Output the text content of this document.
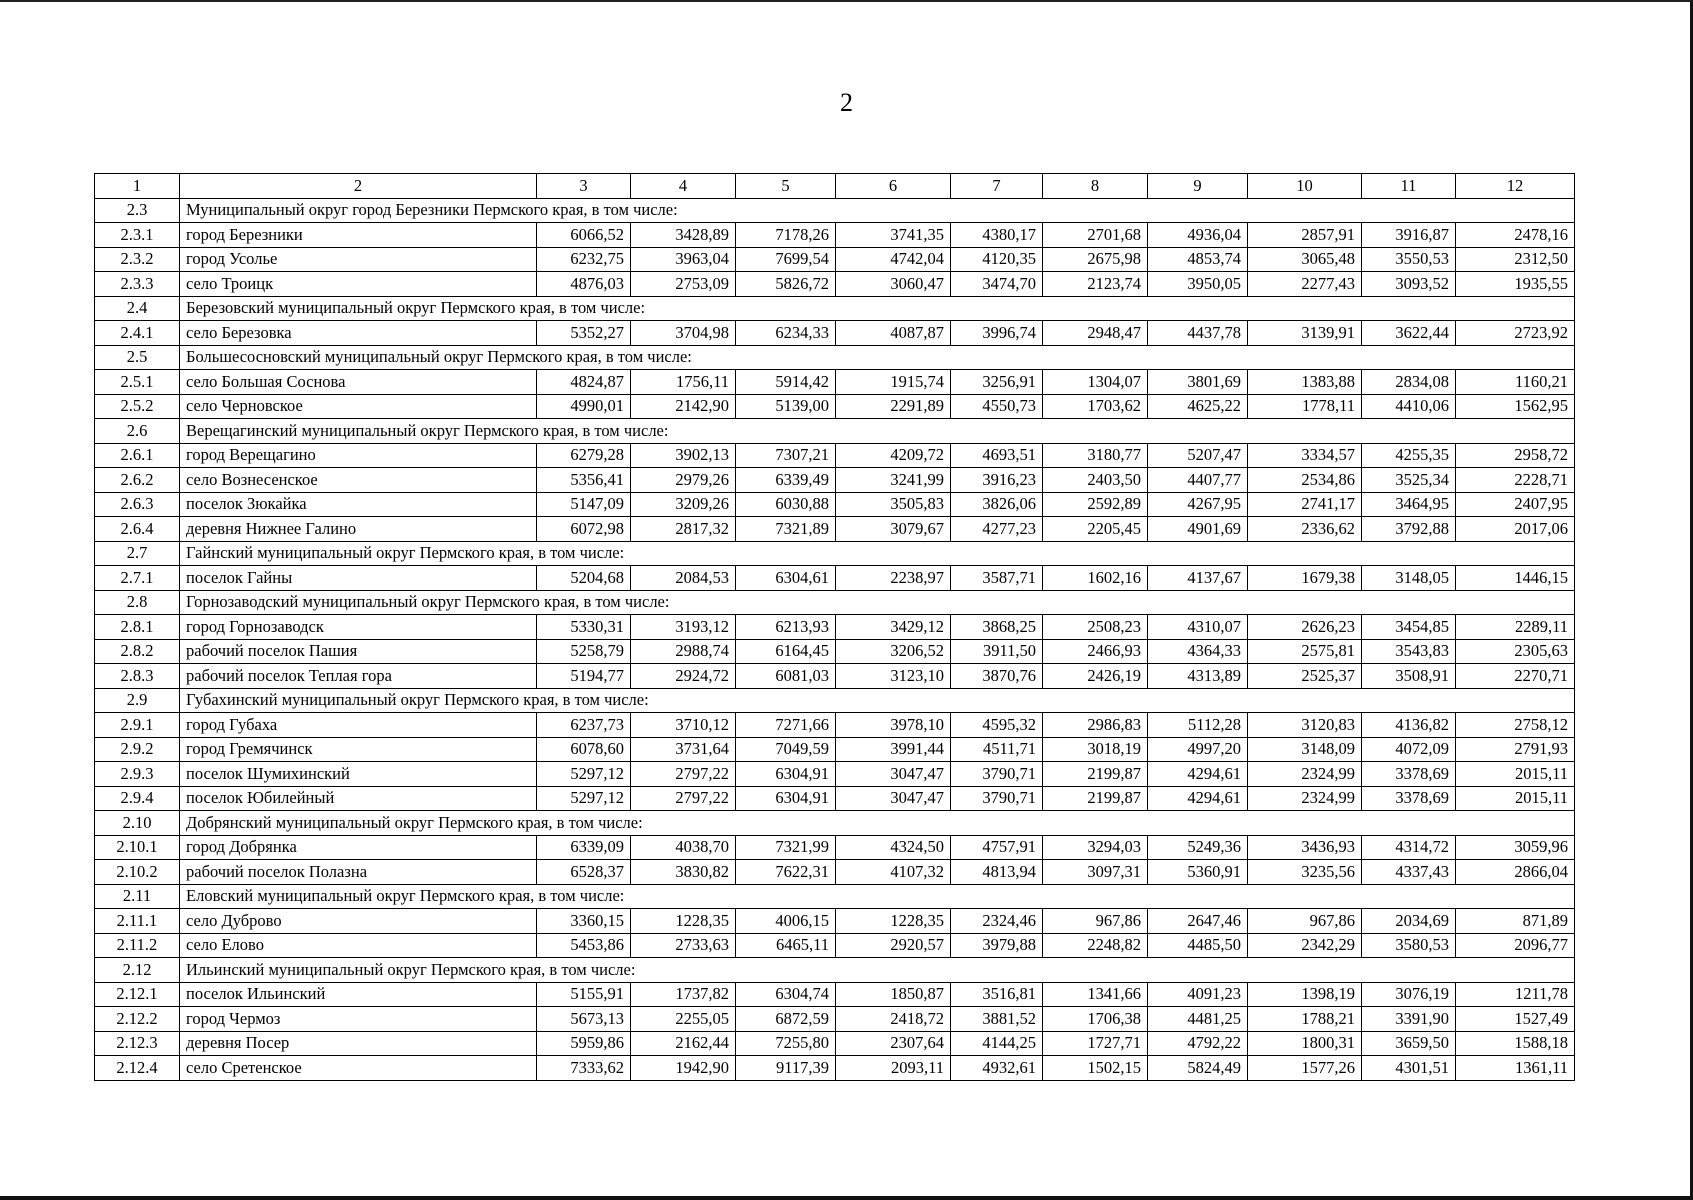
2
1	2	3	4	5	6	7	8	9	10	11	12
2.3	Муниципальный округ город Березники Пермского края, в том числе:										
2.3.1	город Березники	6066,52	3428,89	7178,26	3741,35	4380,17	2701,68	4936,04	2857,91	3916,87	2478,16
2.3.2	город Усолье	6232,75	3963,04	7699,54	4742,04	4120,35	2675,98	4853,74	3065,48	3550,53	2312,50
2.3.3	село Троицк	4876,03	2753,09	5826,72	3060,47	3474,70	2123,74	3950,05	2277,43	3093,52	1935,55
2.4	Березовский муниципальный округ Пермского края, в том числе:										
2.4.1	село Березовка	5352,27	3704,98	6234,33	4087,87	3996,74	2948,47	4437,78	3139,91	3622,44	2723,92
2.5	Большесосновский муниципальный округ Пермского края, в том числе:										
2.5.1	село Большая Соснова	4824,87	1756,11	5914,42	1915,74	3256,91	1304,07	3801,69	1383,88	2834,08	1160,21
2.5.2	село Черновское	4990,01	2142,90	5139,00	2291,89	4550,73	1703,62	4625,22	1778,11	4410,06	1562,95
2.6	Верещагинский муниципальный округ Пермского края, в том числе:										
2.6.1	город Верещагино	6279,28	3902,13	7307,21	4209,72	4693,51	3180,77	5207,47	3334,57	4255,35	2958,72
2.6.2	село Вознесенское	5356,41	2979,26	6339,49	3241,99	3916,23	2403,50	4407,77	2534,86	3525,34	2228,71
2.6.3	поселок Зюкайка	5147,09	3209,26	6030,88	3505,83	3826,06	2592,89	4267,95	2741,17	3464,95	2407,95
2.6.4	деревня Нижнее Галино	6072,98	2817,32	7321,89	3079,67	4277,23	2205,45	4901,69	2336,62	3792,88	2017,06
2.7	Гайнский муниципальный округ Пермского края, в том числе:										
2.7.1	поселок Гайны	5204,68	2084,53	6304,61	2238,97	3587,71	1602,16	4137,67	1679,38	3148,05	1446,15
2.8	Горнозаводский муниципальный округ Пермского края, в том числе:										
2.8.1	город Горнозаводск	5330,31	3193,12	6213,93	3429,12	3868,25	2508,23	4310,07	2626,23	3454,85	2289,11
2.8.2	рабочий поселок Пашия	5258,79	2988,74	6164,45	3206,52	3911,50	2466,93	4364,33	2575,81	3543,83	2305,63
2.8.3	рабочий поселок Теплая гора	5194,77	2924,72	6081,03	3123,10	3870,76	2426,19	4313,89	2525,37	3508,91	2270,71
2.9	Губахинский муниципальный округ Пермского края, в том числе:										
2.9.1	город Губаха	6237,73	3710,12	7271,66	3978,10	4595,32	2986,83	5112,28	3120,83	4136,82	2758,12
2.9.2	город Гремячинск	6078,60	3731,64	7049,59	3991,44	4511,71	3018,19	4997,20	3148,09	4072,09	2791,93
2.9.3	поселок Шумихинский	5297,12	2797,22	6304,91	3047,47	3790,71	2199,87	4294,61	2324,99	3378,69	2015,11
2.9.4	поселок Юбилейный	5297,12	2797,22	6304,91	3047,47	3790,71	2199,87	4294,61	2324,99	3378,69	2015,11
2.10	Добрянский муниципальный округ Пермского края, в том числе:										
2.10.1	город Добрянка	6339,09	4038,70	7321,99	4324,50	4757,91	3294,03	5249,36	3436,93	4314,72	3059,96
2.10.2	рабочий поселок Полазна	6528,37	3830,82	7622,31	4107,32	4813,94	3097,31	5360,91	3235,56	4337,43	2866,04
2.11	Еловский муниципальный округ Пермского края, в том числе:										
2.11.1	село Дуброво	3360,15	1228,35	4006,15	1228,35	2324,46	967,86	2647,46	967,86	2034,69	871,89
2.11.2	село Елово	5453,86	2733,63	6465,11	2920,57	3979,88	2248,82	4485,50	2342,29	3580,53	2096,77
2.12	Ильинский муниципальный округ Пермского края, в том числе:										
2.12.1	поселок Ильинский	5155,91	1737,82	6304,74	1850,87	3516,81	1341,66	4091,23	1398,19	3076,19	1211,78
2.12.2	город Чермоз	5673,13	2255,05	6872,59	2418,72	3881,52	1706,38	4481,25	1788,21	3391,90	1527,49
2.12.3	деревня Посер	5959,86	2162,44	7255,80	2307,64	4144,25	1727,71	4792,22	1800,31	3659,50	1588,18
2.12.4	село Сретенское	7333,62	1942,90	9117,39	2093,11	4932,61	1502,15	5824,49	1577,26	4301,51	1361,11
